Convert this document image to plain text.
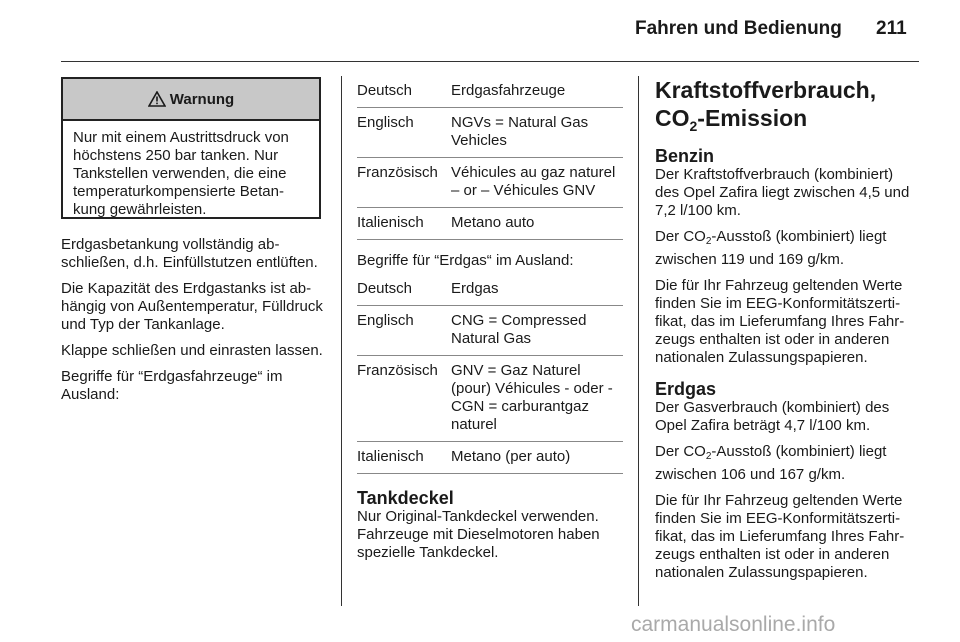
Fahren und Bedienung 211
Warnung
Nur mit einem Austrittsdruck von höchstens 250 bar tanken. Nur Tankstellen verwenden, die eine temperaturkompensierte Betankung gewährleisten.

Erdgasbetankung vollständig abschließen, d.h. Einfüllstutzen entlüften.

Die Kapazität des Erdgastanks ist abhängig von Außentemperatur, Fülldruck und Typ der Tankanlage.

Klappe schließen und einrasten lassen.

Begriffe für “Erdgasfahrzeuge“ im Ausland:

Deutsch	Erdgasfahrzeuge
Englisch	NGVs = Natural Gas Vehicles
Französisch	Véhicules au gaz naturel – or – Véhicules GNV
Italienisch	Metano auto

Begriffe für “Erdgas“ im Ausland:

Deutsch	Erdgas
Englisch	CNG = Compressed Natural Gas
Französisch	GNV = Gaz Naturel (pour) Véhicules - oder -
CGN = carburantgaz naturel

Italienisch	Metano (per auto)
Tankdeckel

Nur Original-Tankdeckel verwenden. Fahrzeuge mit Dieselmotoren haben spezielle Tankdeckel.

Kraftstoffverbrauch, $CO_2$-Emission
Benzin

Der Kraftstoffverbrauch (kombiniert) des Opel Zafira liegt zwischen 4,5 und 7,2 l/100 km.

Der $CO_2$-Ausstoß (kombiniert) liegt zwischen 119 und 169 g/km.

Die für Ihr Fahrzeug geltenden Werte finden Sie im EEG-Konformitätszertifikat, das im Lieferumfang Ihres Fahrzeugs enthalten ist oder in anderen nationalen Zulassungspapieren.

Erdgas

Der Gasverbrauch (kombiniert) des Opel Zafira beträgt 4,7 l/100 km.

Der $CO_2$-Ausstoß (kombiniert) liegt zwischen 106 und 167 g/km.

Die für Ihr Fahrzeug geltenden Werte finden Sie im EEG-Konformitätszertifikat, das im Lieferumfang Ihres Fahrzeugs enthalten ist oder in anderen nationalen Zulassungspapieren.

carmanualsonline.info
